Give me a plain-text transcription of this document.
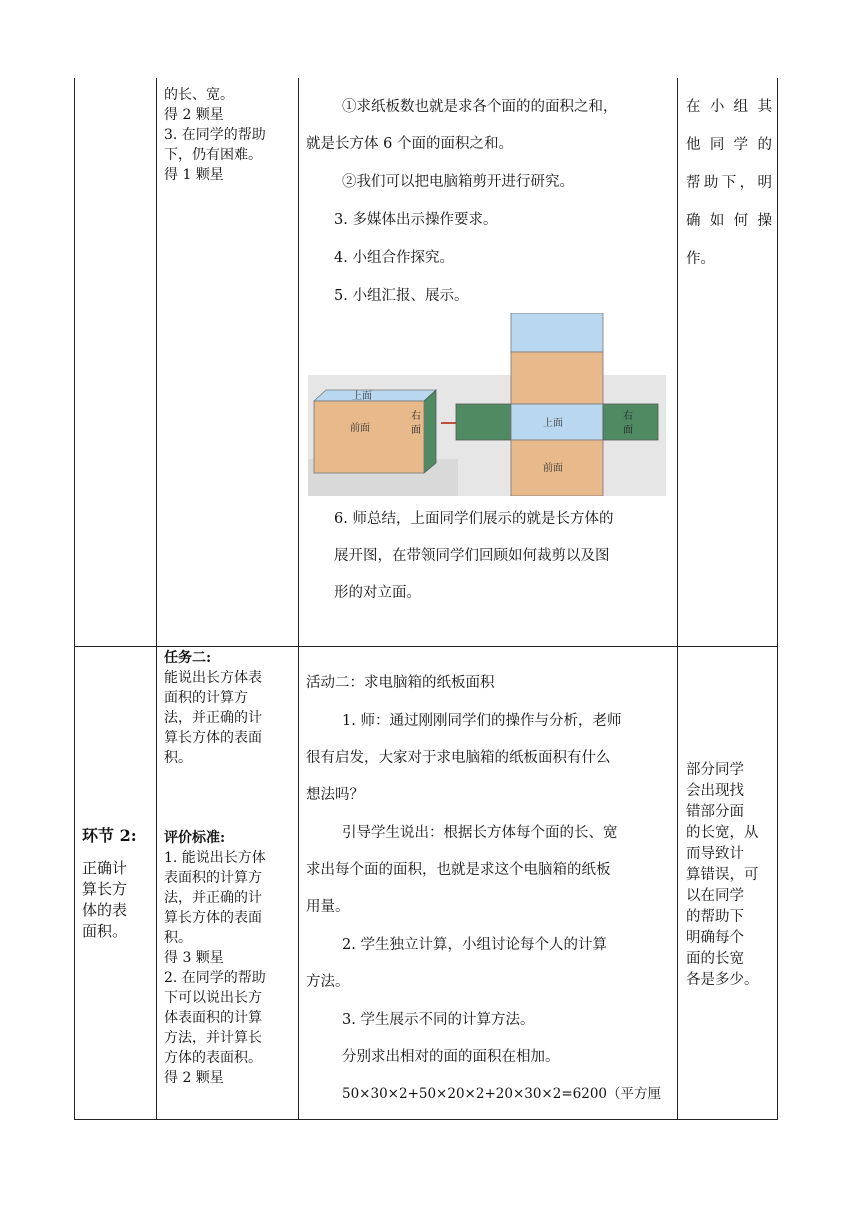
的长、宽。

得 2 颗星

3. 在同学的帮助

下，仍有困难。

得 1 颗星

①求纸板数也就是求各个面的的面积之和，

就是长方体 6 个面的面积之和。

②我们可以把电脑箱剪开进行研究。

3. 多媒体出示操作要求。

4. 小组合作探究。

5. 小组汇报、展示。

上面
前面
右
面
上面
右
面
前面

6. 师总结，上面同学们展示的就是长方体的

展开图，在带领同学们回顾如何裁剪以及图

形的对立面。

在 小 组 其

他 同 学 的

帮助下，明

确 如 何 操

作。

环节 2:
正确计
算长方
体的表
面积。

任务二:

能说出长方体表

面积的计算方

法，并正确的计

算长方体的表面

积。

评价标准:

1. 能说出长方体

表面积的计算方

法，并正确的计

算长方体的表面

积。

得 3 颗星

2. 在同学的帮助

下可以说出长方

体表面积的计算

方法，并计算长

方体的表面积。

得 2 颗星

活动二：求电脑箱的纸板面积

1. 师：通过刚刚同学们的操作与分析，老师

很有启发，大家对于求电脑箱的纸板面积有什么

想法吗？

引导学生说出：根据长方体每个面的长、宽

求出每个面的面积，也就是求这个电脑箱的纸板

用量。

2. 学生独立计算，小组讨论每个人的计算

方法。

3. 学生展示不同的计算方法。

分别求出相对的面的面积在相加。

50×30×2+50×20×2+20×30×2=6200（平方厘

部分同学

会出现找

错部分面

的长宽，从

而导致计

算错误，可

以在同学

的帮助下

明确每个

面的长宽

各是多少。
